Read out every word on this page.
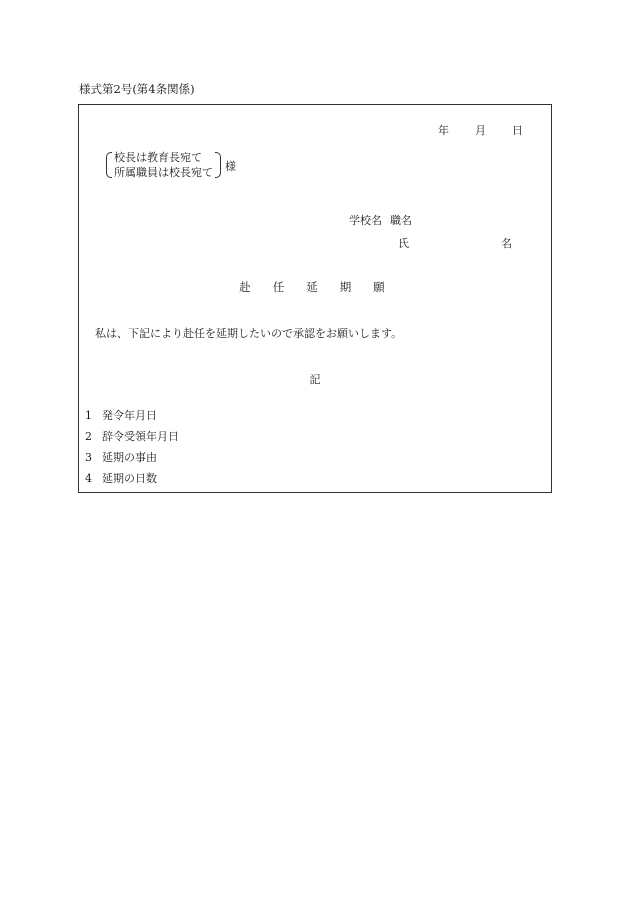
様式第2号(第4条関係)
年 月 日
校長は教育長宛て
所属職員は校長宛て 様
学校名 職名
氏	名
赴 任 延 期 願
私は、下記により赴任を延期したいので承認をお願いします。
記
1 発令年月日
2 辞令受領年月日
3 延期の事由
4 延期の日数
